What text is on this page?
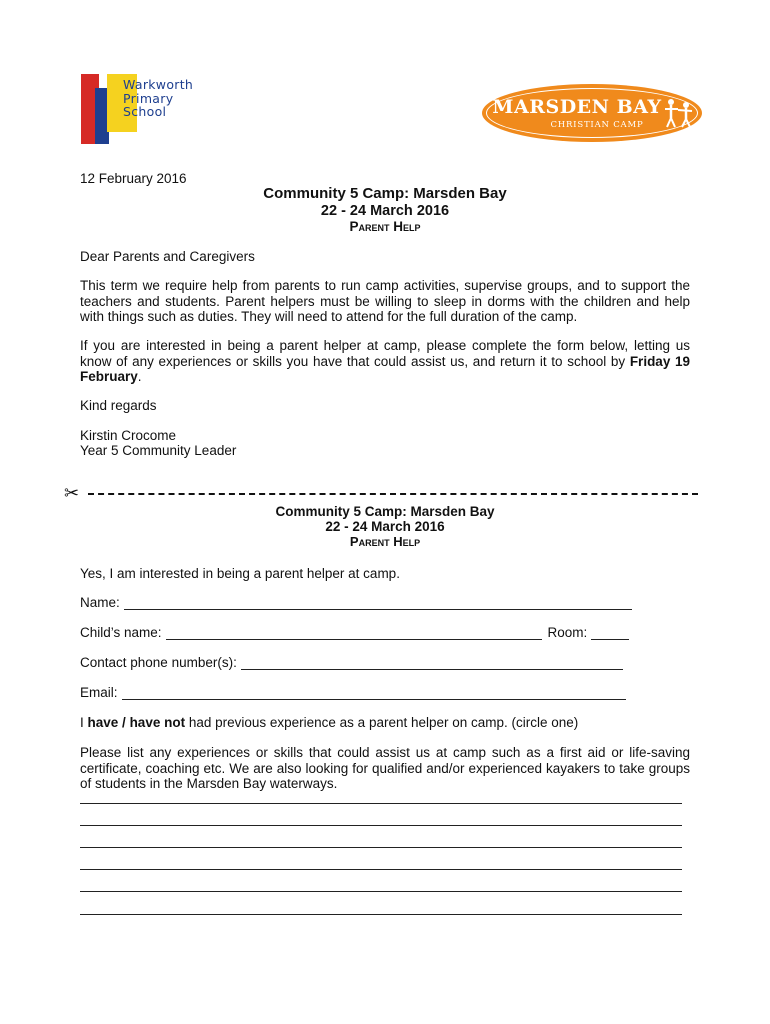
Warkworth
Primary
School	MARSDEN BAY
CHRISTIAN CAMP
12 February 2016
Community 5 Camp: Marsden Bay
22 - 24 March 2016
Parent Help
Dear Parents and Caregivers
This term we require help from parents to run camp activities, supervise groups, and to support the teachers and students. Parent helpers must be willing to sleep in dorms with the children and help with things such as duties. They will need to attend for the full duration of the camp.
If you are interested in being a parent helper at camp, please complete the form below, letting us know of any experiences or skills you have that could assist us, and return it to school by Friday 19 February.
Kind regards
Kirstin Crocome
Year 5 Community Leader
✂
Community 5 Camp: Marsden Bay
22 - 24 March 2016
Parent Help
Yes, I am interested in being a parent helper at camp.
Name:
Child’s name:	Room:
Contact phone number(s):
Email:
I have / have not had previous experience as a parent helper on camp. (circle one)
Please list any experiences or skills that could assist us at camp such as a first aid or life-saving certificate, coaching etc. We are also looking for qualified and/or experienced kayakers to take groups of students in the Marsden Bay waterways.
